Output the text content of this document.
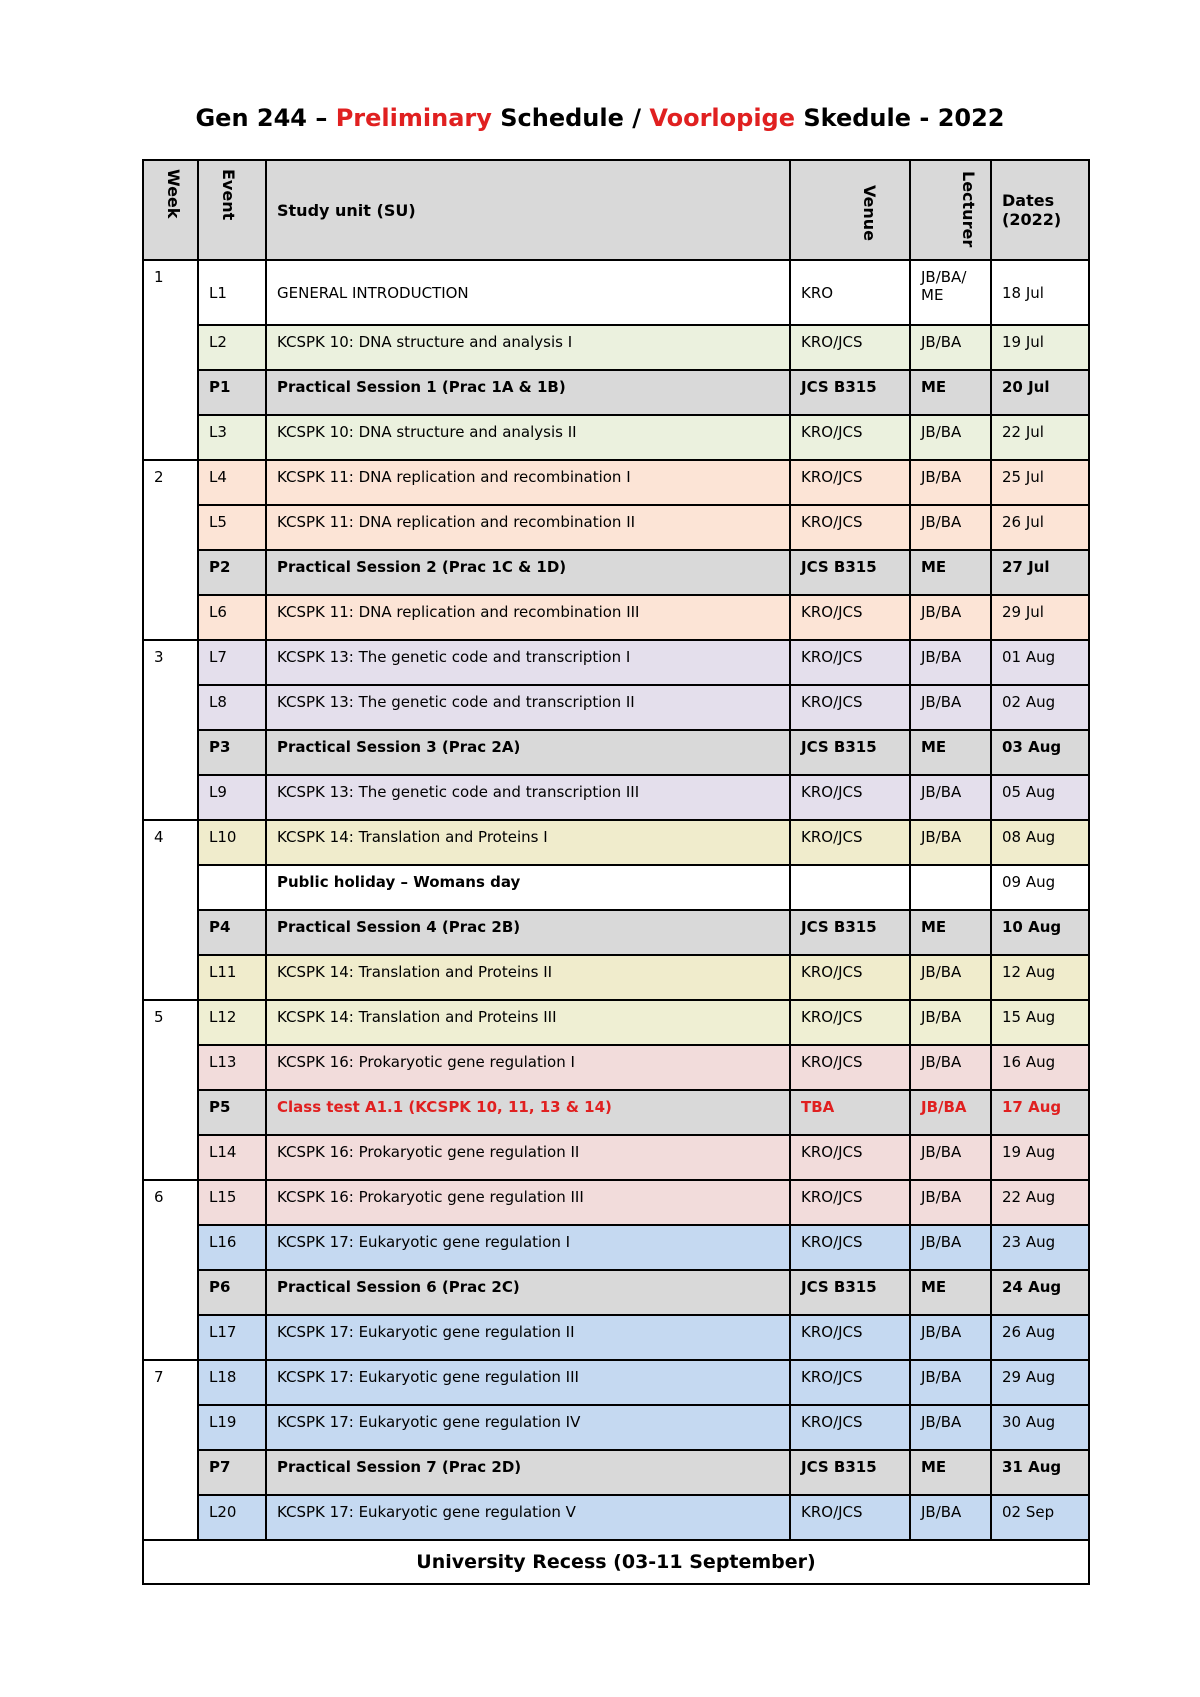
Gen 244 – Preliminary Schedule / Voorlopige Skedule - 2022
Week	Event	Study unit (SU)	Venue	Lecturer	Dates (2022)
1	L1	GENERAL INTRODUCTION	KRO	JB/BA/ ME	18 Jul
	L2	KCSPK 10: DNA structure and analysis I	KRO/JCS	JB/BA	19 Jul
	P1	Practical Session 1 (Prac 1A & 1B)	JCS B315	ME	20 Jul
	L3	KCSPK 10: DNA structure and analysis II	KRO/JCS	JB/BA	22 Jul
2	L4	KCSPK 11: DNA replication and recombination I	KRO/JCS	JB/BA	25 Jul
	L5	KCSPK 11: DNA replication and recombination II	KRO/JCS	JB/BA	26 Jul
	P2	Practical Session 2 (Prac 1C & 1D)	JCS B315	ME	27 Jul
	L6	KCSPK 11: DNA replication and recombination III	KRO/JCS	JB/BA	29 Jul
3	L7	KCSPK 13: The genetic code and transcription I	KRO/JCS	JB/BA	01 Aug
	L8	KCSPK 13: The genetic code and transcription II	KRO/JCS	JB/BA	02 Aug
	P3	Practical Session 3 (Prac 2A)	JCS B315	ME	03 Aug
	L9	KCSPK 13: The genetic code and transcription III	KRO/JCS	JB/BA	05 Aug
4	L10	KCSPK 14: Translation and Proteins I	KRO/JCS	JB/BA	08 Aug
		Public holiday – Womans day			09 Aug
	P4	Practical Session 4 (Prac 2B)	JCS B315	ME	10 Aug
	L11	KCSPK 14: Translation and Proteins II	KRO/JCS	JB/BA	12 Aug
5	L12	KCSPK 14: Translation and Proteins III	KRO/JCS	JB/BA	15 Aug
	L13	KCSPK 16: Prokaryotic gene regulation I	KRO/JCS	JB/BA	16 Aug
	P5	Class test A1.1 (KCSPK 10, 11, 13 & 14)	TBA	JB/BA	17 Aug
	L14	KCSPK 16: Prokaryotic gene regulation II	KRO/JCS	JB/BA	19 Aug
6	L15	KCSPK 16: Prokaryotic gene regulation III	KRO/JCS	JB/BA	22 Aug
	L16	KCSPK 17: Eukaryotic gene regulation I	KRO/JCS	JB/BA	23 Aug
	P6	Practical Session 6 (Prac 2C)	JCS B315	ME	24 Aug
	L17	KCSPK 17: Eukaryotic gene regulation II	KRO/JCS	JB/BA	26 Aug
7	L18	KCSPK 17: Eukaryotic gene regulation III	KRO/JCS	JB/BA	29 Aug
	L19	KCSPK 17: Eukaryotic gene regulation IV	KRO/JCS	JB/BA	30 Aug
	P7	Practical Session 7 (Prac 2D)	JCS B315	ME	31 Aug
	L20	KCSPK 17: Eukaryotic gene regulation V	KRO/JCS	JB/BA	02 Sep
University Recess (03-11 September)					
